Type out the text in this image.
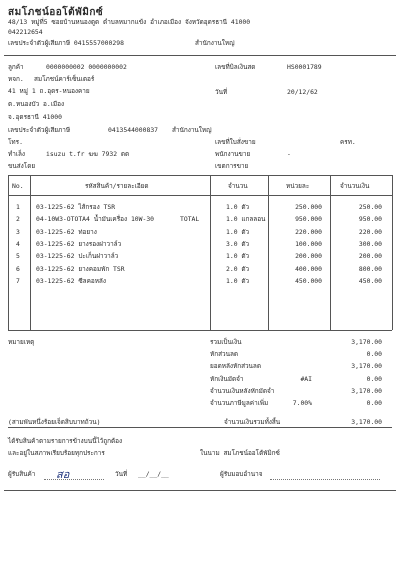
สมโภชน์ออโต้พัมิกซ์
48/13 หมู่ที่5 ซอยบ้านหนองตูด ตำบลหมากแข้ง อำเภอเมือง จังหวัดอุดรธานี 41000
042212654
เลขประจำตัวผู้เสียภาษี 0415557000298	สำนักงานใหญ่
ลูกค้า	0000000002 0000000002
หจก. สมโภชน์คาร์เซ็นเตอร์
41 หมู่ 1 ถ.อุดร-หนองคาย
ต.หนองบัว อ.เมือง
จ.อุดรธานี 41000
เลขประจำตัวผู้เสียภาษี	0413544000837 สำนักงานใหญ่
โทร.
ทำเล็ง	isuzu t.fr ฆฆ 7932 ดด
ขนส่งโดย
เลขที่บิลเงินสด	HS0001789
วันที่	20/12/62
เลขที่ใบสั่งขาย	ครท.
พนักงานขาย	-
เขตการขาย
No.	รหัสสินค้า/รายละเอียด	จำนวน	หน่วยละ	จำนวนเงิน
1	03-1225-62 ไส้กรอง TSR	1.0 ตัว	250.000	250.00
2	04-10W3-OTOTA4 น้ำมันเครื่อง 10W-30	TOTAL	1.0 แกลลอน	950.000	950.00
3	03-1225-62 ท่อยาง	1.0 ตัว	220.000	220.00
4	03-1225-62 ยางรองฝาวาล์ว	3.0 ตัว	100.000	300.00
5	03-1225-62 ปะเก็นฝาวาล์ว	1.0 ตัว	200.000	200.00
6	03-1225-62 ยางคอมพัก TSR	2.0 ตัว	400.000	800.00
7	03-1225-62 ซีลคอหลัง	1.0 ตัว	450.000	450.00
หมายเหตุ	รวมเป็นเงิน	3,170.00
หักส่วนลด	0.00
ยอดหลังหักส่วนลด	3,170.00
หักเงินมัดจำ	#AI	0.00
จำนวนเงินหลังหักมัดจำ	3,170.00
จำนวนภาษีมูลค่าเพิ่ม	7.00%	0.00
(สามพันหนึ่งร้อยเจ็ดสิบบาทถ้วน)	จำนวนเงินรวมทั้งสิ้น	3,170.00
ได้รับสินค้าตามรายการข้างบนนี้ไว้ถูกต้อง
และอยู่ในสภาพเรียบร้อยทุกประการ	ในนาม สมโภชน์ออโต้พัมิกซ์
ผู้รับสินค้า สอ	วันที่ __/__/__	ผู้รับมอบอำนาจ
